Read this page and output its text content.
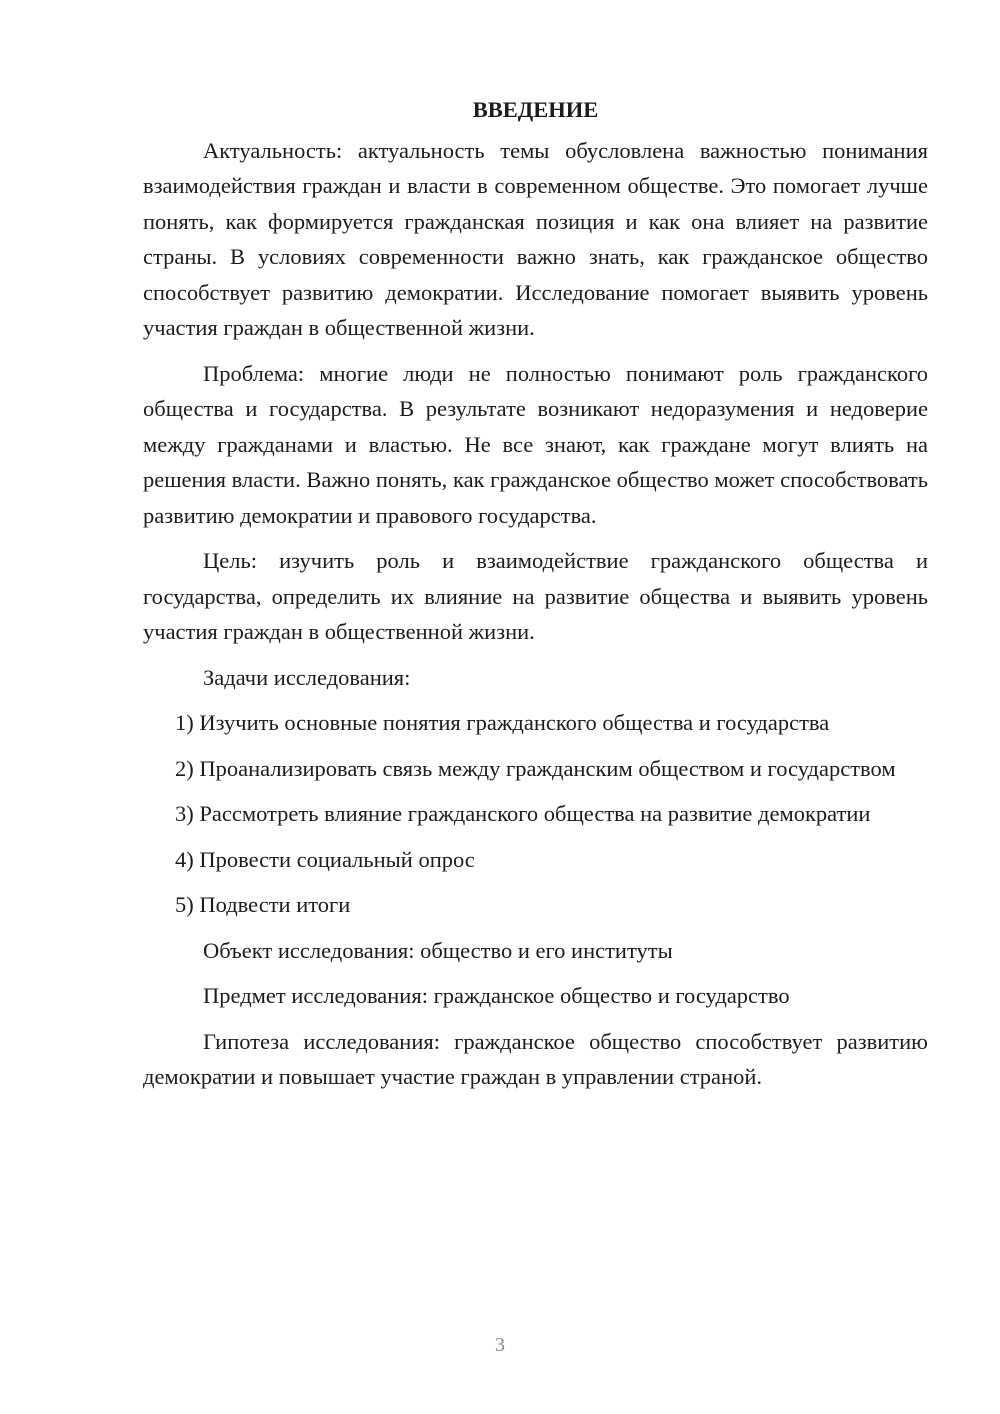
ВВЕДЕНИЕ

Актуальность: актуальность темы обусловлена важностью понимания взаимодействия граждан и власти в современном обществе. Это помогает лучше понять, как формируется гражданская позиция и как она влияет на развитие страны. В условиях современности важно знать, как гражданское общество способствует развитию демократии. Исследование помогает выявить уровень участия граждан в общественной жизни.

Проблема: многие люди не полностью понимают роль гражданского общества и государства. В результате возникают недоразумения и недоверие между гражданами и властью. Не все знают, как граждане могут влиять на решения власти. Важно понять, как гражданское общество может способствовать развитию демократии и правового государства.

Цель: изучить роль и взаимодействие гражданского общества и государства, определить их влияние на развитие общества и выявить уровень участия граждан в общественной жизни.

Задачи исследования:

1) Изучить основные понятия гражданского общества и государства

2) Проанализировать связь между гражданским обществом и государством

3) Рассмотреть влияние гражданского общества на развитие демократии

4) Провести социальный опрос

5) Подвести итоги

Объект исследования: общество и его институты

Предмет исследования: гражданское общество и государство

Гипотеза исследования: гражданское общество способствует развитию демократии и повышает участие граждан в управлении страной.

3
